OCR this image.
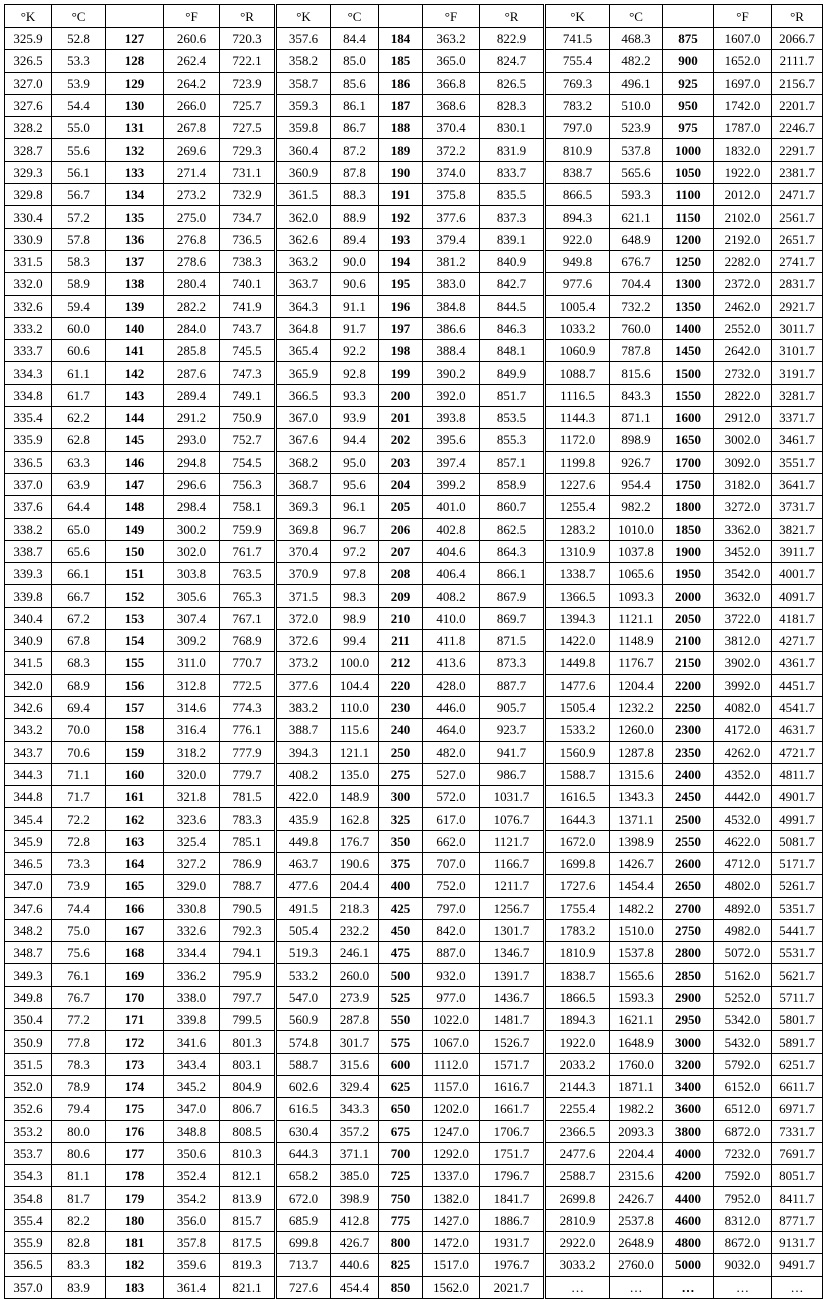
°K	°C		°F	°R	°K	°C		°F	°R	°K	°C		°F	°R
325.9	52.8	127	260.6	720.3	357.6	84.4	184	363.2	822.9	741.5	468.3	875	1607.0	2066.7
326.5	53.3	128	262.4	722.1	358.2	85.0	185	365.0	824.7	755.4	482.2	900	1652.0	2111.7
327.0	53.9	129	264.2	723.9	358.7	85.6	186	366.8	826.5	769.3	496.1	925	1697.0	2156.7
327.6	54.4	130	266.0	725.7	359.3	86.1	187	368.6	828.3	783.2	510.0	950	1742.0	2201.7
328.2	55.0	131	267.8	727.5	359.8	86.7	188	370.4	830.1	797.0	523.9	975	1787.0	2246.7
328.7	55.6	132	269.6	729.3	360.4	87.2	189	372.2	831.9	810.9	537.8	1000	1832.0	2291.7
329.3	56.1	133	271.4	731.1	360.9	87.8	190	374.0	833.7	838.7	565.6	1050	1922.0	2381.7
329.8	56.7	134	273.2	732.9	361.5	88.3	191	375.8	835.5	866.5	593.3	1100	2012.0	2471.7
330.4	57.2	135	275.0	734.7	362.0	88.9	192	377.6	837.3	894.3	621.1	1150	2102.0	2561.7
330.9	57.8	136	276.8	736.5	362.6	89.4	193	379.4	839.1	922.0	648.9	1200	2192.0	2651.7
331.5	58.3	137	278.6	738.3	363.2	90.0	194	381.2	840.9	949.8	676.7	1250	2282.0	2741.7
332.0	58.9	138	280.4	740.1	363.7	90.6	195	383.0	842.7	977.6	704.4	1300	2372.0	2831.7
332.6	59.4	139	282.2	741.9	364.3	91.1	196	384.8	844.5	1005.4	732.2	1350	2462.0	2921.7
333.2	60.0	140	284.0	743.7	364.8	91.7	197	386.6	846.3	1033.2	760.0	1400	2552.0	3011.7
333.7	60.6	141	285.8	745.5	365.4	92.2	198	388.4	848.1	1060.9	787.8	1450	2642.0	3101.7
334.3	61.1	142	287.6	747.3	365.9	92.8	199	390.2	849.9	1088.7	815.6	1500	2732.0	3191.7
334.8	61.7	143	289.4	749.1	366.5	93.3	200	392.0	851.7	1116.5	843.3	1550	2822.0	3281.7
335.4	62.2	144	291.2	750.9	367.0	93.9	201	393.8	853.5	1144.3	871.1	1600	2912.0	3371.7
335.9	62.8	145	293.0	752.7	367.6	94.4	202	395.6	855.3	1172.0	898.9	1650	3002.0	3461.7
336.5	63.3	146	294.8	754.5	368.2	95.0	203	397.4	857.1	1199.8	926.7	1700	3092.0	3551.7
337.0	63.9	147	296.6	756.3	368.7	95.6	204	399.2	858.9	1227.6	954.4	1750	3182.0	3641.7
337.6	64.4	148	298.4	758.1	369.3	96.1	205	401.0	860.7	1255.4	982.2	1800	3272.0	3731.7
338.2	65.0	149	300.2	759.9	369.8	96.7	206	402.8	862.5	1283.2	1010.0	1850	3362.0	3821.7
338.7	65.6	150	302.0	761.7	370.4	97.2	207	404.6	864.3	1310.9	1037.8	1900	3452.0	3911.7
339.3	66.1	151	303.8	763.5	370.9	97.8	208	406.4	866.1	1338.7	1065.6	1950	3542.0	4001.7
339.8	66.7	152	305.6	765.3	371.5	98.3	209	408.2	867.9	1366.5	1093.3	2000	3632.0	4091.7
340.4	67.2	153	307.4	767.1	372.0	98.9	210	410.0	869.7	1394.3	1121.1	2050	3722.0	4181.7
340.9	67.8	154	309.2	768.9	372.6	99.4	211	411.8	871.5	1422.0	1148.9	2100	3812.0	4271.7
341.5	68.3	155	311.0	770.7	373.2	100.0	212	413.6	873.3	1449.8	1176.7	2150	3902.0	4361.7
342.0	68.9	156	312.8	772.5	377.6	104.4	220	428.0	887.7	1477.6	1204.4	2200	3992.0	4451.7
342.6	69.4	157	314.6	774.3	383.2	110.0	230	446.0	905.7	1505.4	1232.2	2250	4082.0	4541.7
343.2	70.0	158	316.4	776.1	388.7	115.6	240	464.0	923.7	1533.2	1260.0	2300	4172.0	4631.7
343.7	70.6	159	318.2	777.9	394.3	121.1	250	482.0	941.7	1560.9	1287.8	2350	4262.0	4721.7
344.3	71.1	160	320.0	779.7	408.2	135.0	275	527.0	986.7	1588.7	1315.6	2400	4352.0	4811.7
344.8	71.7	161	321.8	781.5	422.0	148.9	300	572.0	1031.7	1616.5	1343.3	2450	4442.0	4901.7
345.4	72.2	162	323.6	783.3	435.9	162.8	325	617.0	1076.7	1644.3	1371.1	2500	4532.0	4991.7
345.9	72.8	163	325.4	785.1	449.8	176.7	350	662.0	1121.7	1672.0	1398.9	2550	4622.0	5081.7
346.5	73.3	164	327.2	786.9	463.7	190.6	375	707.0	1166.7	1699.8	1426.7	2600	4712.0	5171.7
347.0	73.9	165	329.0	788.7	477.6	204.4	400	752.0	1211.7	1727.6	1454.4	2650	4802.0	5261.7
347.6	74.4	166	330.8	790.5	491.5	218.3	425	797.0	1256.7	1755.4	1482.2	2700	4892.0	5351.7
348.2	75.0	167	332.6	792.3	505.4	232.2	450	842.0	1301.7	1783.2	1510.0	2750	4982.0	5441.7
348.7	75.6	168	334.4	794.1	519.3	246.1	475	887.0	1346.7	1810.9	1537.8	2800	5072.0	5531.7
349.3	76.1	169	336.2	795.9	533.2	260.0	500	932.0	1391.7	1838.7	1565.6	2850	5162.0	5621.7
349.8	76.7	170	338.0	797.7	547.0	273.9	525	977.0	1436.7	1866.5	1593.3	2900	5252.0	5711.7
350.4	77.2	171	339.8	799.5	560.9	287.8	550	1022.0	1481.7	1894.3	1621.1	2950	5342.0	5801.7
350.9	77.8	172	341.6	801.3	574.8	301.7	575	1067.0	1526.7	1922.0	1648.9	3000	5432.0	5891.7
351.5	78.3	173	343.4	803.1	588.7	315.6	600	1112.0	1571.7	2033.2	1760.0	3200	5792.0	6251.7
352.0	78.9	174	345.2	804.9	602.6	329.4	625	1157.0	1616.7	2144.3	1871.1	3400	6152.0	6611.7
352.6	79.4	175	347.0	806.7	616.5	343.3	650	1202.0	1661.7	2255.4	1982.2	3600	6512.0	6971.7
353.2	80.0	176	348.8	808.5	630.4	357.2	675	1247.0	1706.7	2366.5	2093.3	3800	6872.0	7331.7
353.7	80.6	177	350.6	810.3	644.3	371.1	700	1292.0	1751.7	2477.6	2204.4	4000	7232.0	7691.7
354.3	81.1	178	352.4	812.1	658.2	385.0	725	1337.0	1796.7	2588.7	2315.6	4200	7592.0	8051.7
354.8	81.7	179	354.2	813.9	672.0	398.9	750	1382.0	1841.7	2699.8	2426.7	4400	7952.0	8411.7
355.4	82.2	180	356.0	815.7	685.9	412.8	775	1427.0	1886.7	2810.9	2537.8	4600	8312.0	8771.7
355.9	82.8	181	357.8	817.5	699.8	426.7	800	1472.0	1931.7	2922.0	2648.9	4800	8672.0	9131.7
356.5	83.3	182	359.6	819.3	713.7	440.6	825	1517.0	1976.7	3033.2	2760.0	5000	9032.0	9491.7
357.0	83.9	183	361.4	821.1	727.6	454.4	850	1562.0	2021.7	…	…	…	…	…
